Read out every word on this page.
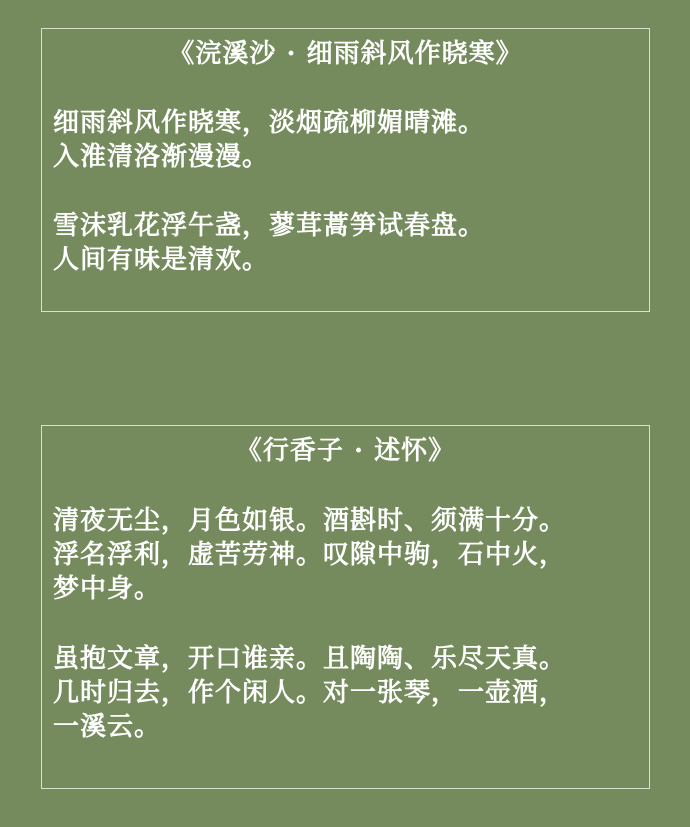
《浣溪沙 · 细雨斜风作晓寒》
细雨斜风作晓寒，淡烟疏柳媚晴滩。
入淮清洛渐漫漫。
雪沫乳花浮午盏，蓼茸蒿笋试春盘。
人间有味是清欢。
《行香子 · 述怀》
清夜无尘，月色如银。酒斟时、须满十分。
浮名浮利，虚苦劳神。叹隙中驹，石中火，
梦中身。
虽抱文章，开口谁亲。且陶陶、乐尽天真。
几时归去，作个闲人。对一张琴，一壶酒，
一溪云。
